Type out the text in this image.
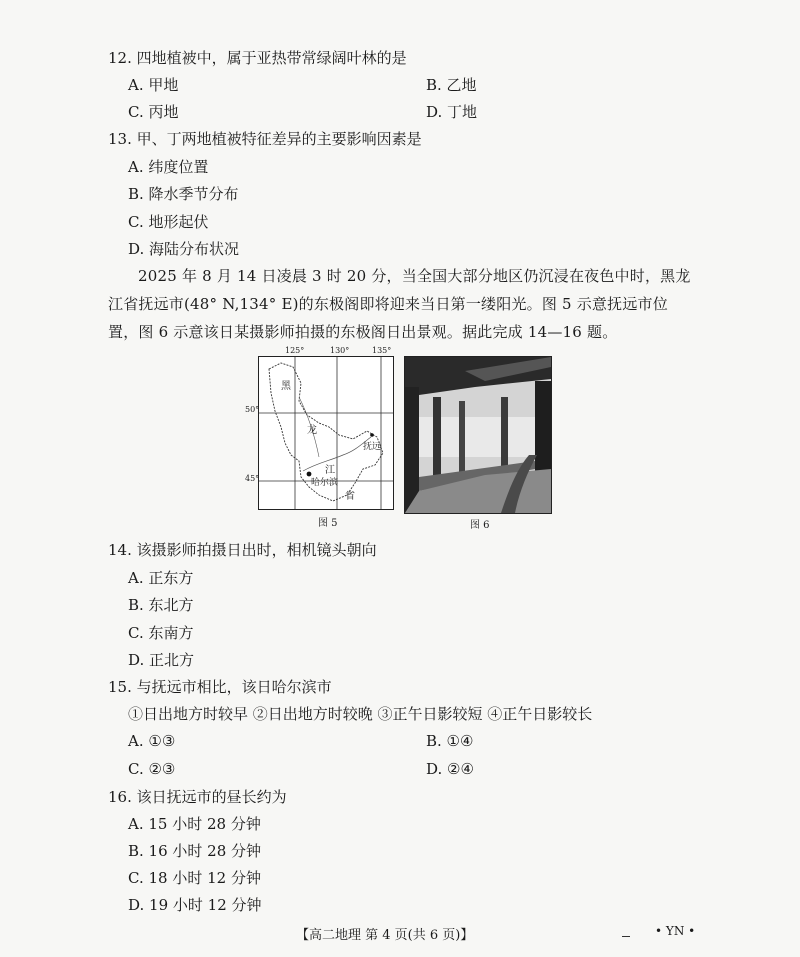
12. 四地植被中，属于亚热带常绿阔叶林的是
A. 甲地	B. 乙地
C. 丙地	D. 丁地
13. 甲、丁两地植被特征差异的主要影响因素是
A. 纬度位置
B. 降水季节分布
C. 地形起伏
D. 海陆分布状况
2025 年 8 月 14 日凌晨 3 时 20 分，当全国大部分地区仍沉浸在夜色中时，黑龙江省抚远市(48° N,134° E)的东极阁即将迎来当日第一缕阳光。图 5 示意抚远市位置，图 6 示意该日某摄影师拍摄的东极阁日出景观。据此完成 14—16 题。
黑
龙
江
省
抚远
哈尔滨
125°	130°	135°
50°
45°
图 5	图 6
14. 该摄影师拍摄日出时，相机镜头朝向
A. 正东方
B. 东北方
C. 东南方
D. 正北方
15. 与抚远市相比，该日哈尔滨市
①日出地方时较早 ②日出地方时较晚 ③正午日影较短 ④正午日影较长
A. ①③	B. ①④
C. ②③	D. ②④
16. 该日抚远市的昼长约为
A. 15 小时 28 分钟
B. 16 小时 28 分钟
C. 18 小时 12 分钟
D. 19 小时 12 分钟
【高二地理 第 4 页(共 6 页)】	• YN •
